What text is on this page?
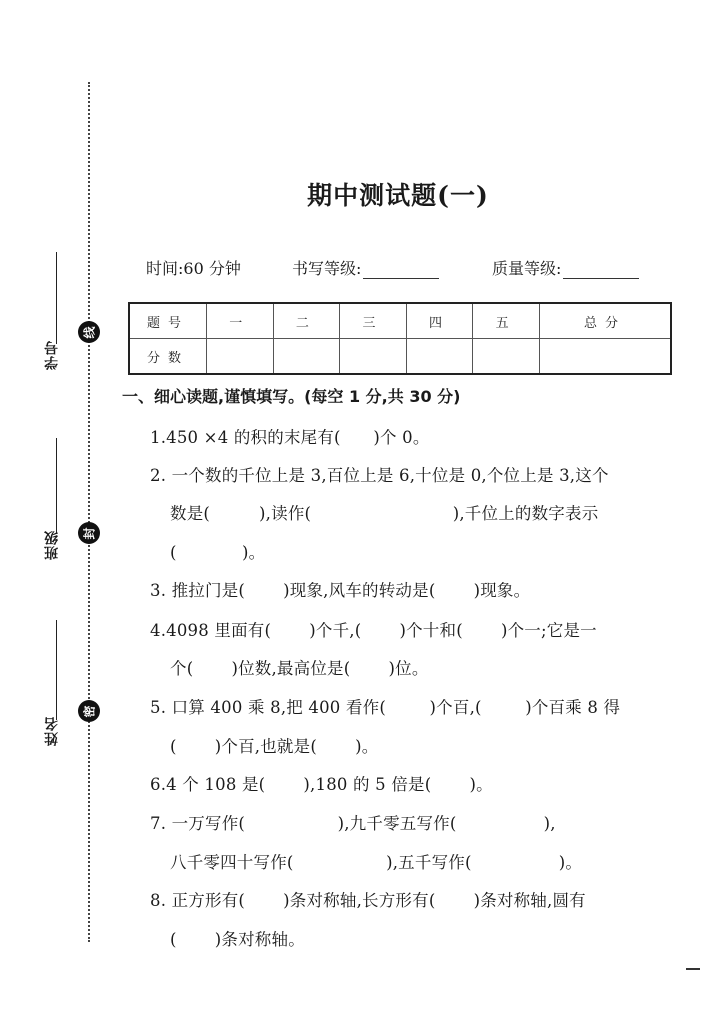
学号
线
班级 封
姓名
密
期中测试题(一)
时间:60 分钟	书写等级:	质量等级:
题号	一	二	三	四	五	总分
分数						
一、细心读题,谨慎填写。(每空 1 分,共 30 分)
1.450 ×4 的积的末尾有(      )个 0。
2. 一个数的千位上是 3,百位上是 6,十位是 0,个位上是 3,这个
数是(         ),读作(                          ),千位上的数字表示
(            )。
3. 推拉门是(       )现象,风车的转动是(       )现象。
4.4098 里面有(       )个千,(       )个十和(       )个一;它是一
个(       )位数,最高位是(       )位。
5. 口算 400 乘 8,把 400 看作(        )个百,(        )个百乘 8 得
(       )个百,也就是(       )。
6.4 个 108 是(       ),180 的 5 倍是(       )。
7. 一万写作(                 ),九千零五写作(                ),
八千零四十写作(                 ),五千写作(                )。
8. 正方形有(       )条对称轴,长方形有(       )条对称轴,圆有
(       )条对称轴。
